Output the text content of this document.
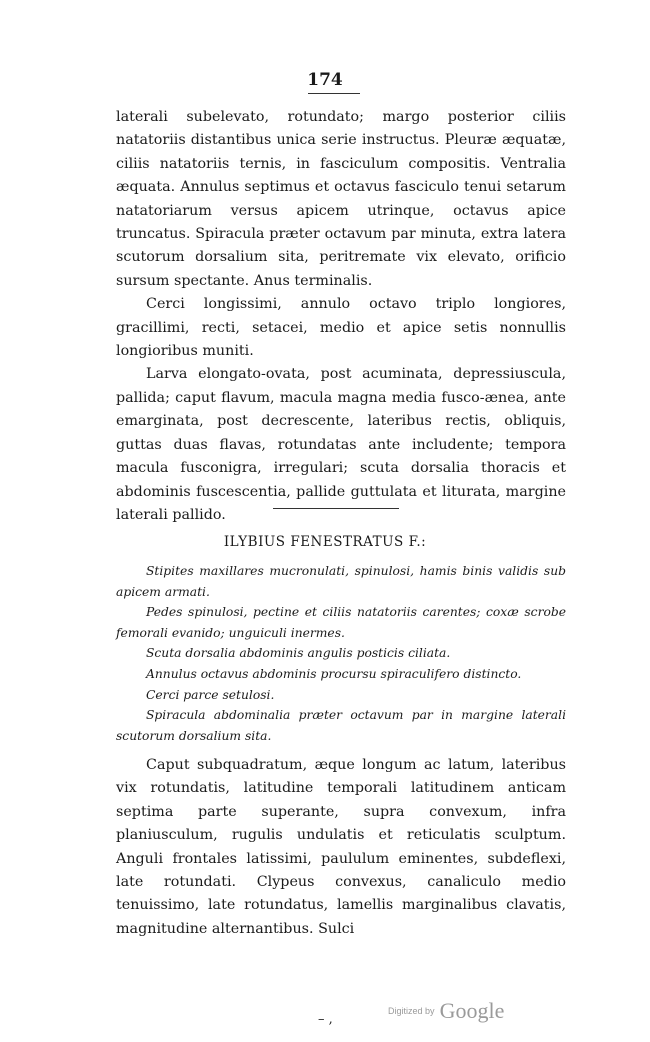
174

laterali subelevato, rotundato; margo posterior ciliis natatoriis distantibus unica serie instructus. Pleuræ æquatæ, ciliis natatoriis ternis, in fasciculum compositis. Ventralia æquata. Annulus septimus et octavus fasciculo tenui setarum natatoriarum versus apicem utrinque, octavus apice truncatus. Spiracula præter octavum par minuta, extra latera scutorum dorsalium sita, peritremate vix elevato, orificio sursum spectante. Anus terminalis.

Cerci longissimi, annulo octavo triplo longiores, gracillimi, recti, setacei, medio et apice setis nonnullis longioribus muniti.

Larva elongato-ovata, post acuminata, depressiuscula, pallida; caput flavum, macula magna media fusco-ænea, ante emarginata, post decrescente, lateribus rectis, obliquis, guttas duas flavas, rotundatas ante includente; tempora macula fusconigra, irregulari; scuta dorsalia thoracis et abdominis fuscescentia, pallide guttulata et liturata, margine laterali pallido.

ILYBIUS FENESTRATUS F.:

Stipites maxillares mucronulati, spinulosi, hamis binis validis sub apicem armati.

Pedes spinulosi, pectine et ciliis natatoriis carentes; coxæ scrobe femorali evanido; unguiculi inermes.

Scuta dorsalia abdominis angulis posticis ciliata.

Annulus octavus abdominis procursu spiraculifero distincto.

Cerci parce setulosi.

Spiracula abdominalia præter octavum par in margine laterali scutorum dorsalium sita.

Caput subquadratum, æque longum ac latum, lateribus vix rotundatis, latitudine temporali latitudinem anticam septima parte superante, supra convexum, infra planiusculum, rugulis undulatis et reticulatis sculptum. Anguli frontales latissimi, paululum eminentes, subdeflexi, late rotundati. Clypeus convexus, canaliculo medio tenuissimo, late rotundatus, lamellis marginalibus clavatis, magnitudine alternantibus. Sulci

– ,
Digitized by Google
